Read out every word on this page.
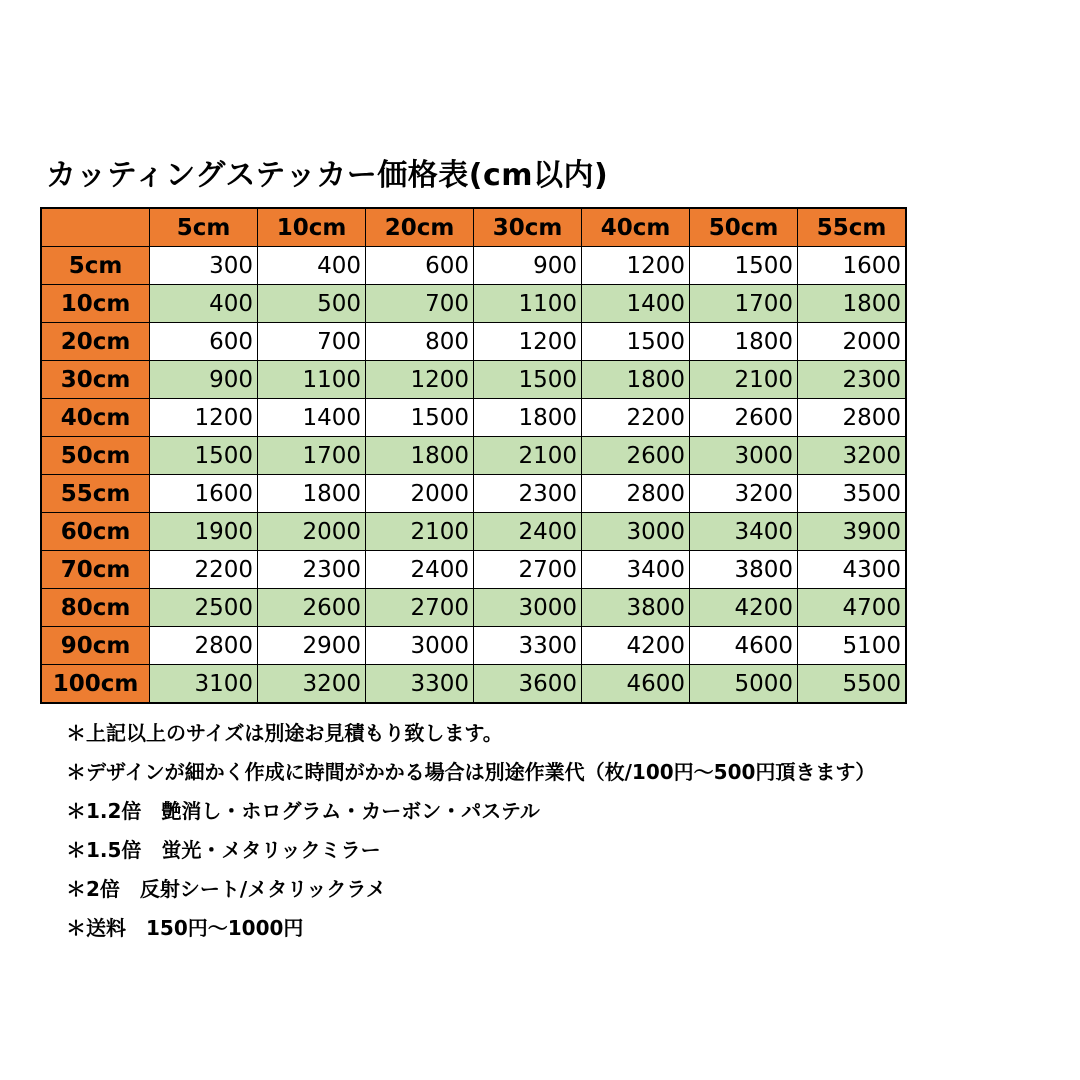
カッティングステッカー価格表(cm以内)
	5cm	10cm	20cm	30cm	40cm	50cm	55cm
5cm	300	400	600	900	1200	1500	1600
10cm	400	500	700	1100	1400	1700	1800
20cm	600	700	800	1200	1500	1800	2000
30cm	900	1100	1200	1500	1800	2100	2300
40cm	1200	1400	1500	1800	2200	2600	2800
50cm	1500	1700	1800	2100	2600	3000	3200
55cm	1600	1800	2000	2300	2800	3200	3500
60cm	1900	2000	2100	2400	3000	3400	3900
70cm	2200	2300	2400	2700	3400	3800	4300
80cm	2500	2600	2700	3000	3800	4200	4700
90cm	2800	2900	3000	3300	4200	4600	5100
100cm	3100	3200	3300	3600	4600	5000	5500
＊上記以上のサイズは別途お見積もり致します。
＊デザインが細かく作成に時間がかかる場合は別途作業代（枚/100円〜500円頂きます）
＊1.2倍　艶消し・ホログラム・カーボン・パステル
＊1.5倍　蛍光・メタリックミラー
＊2倍　反射シート/メタリックラメ
＊送料　150円〜1000円
